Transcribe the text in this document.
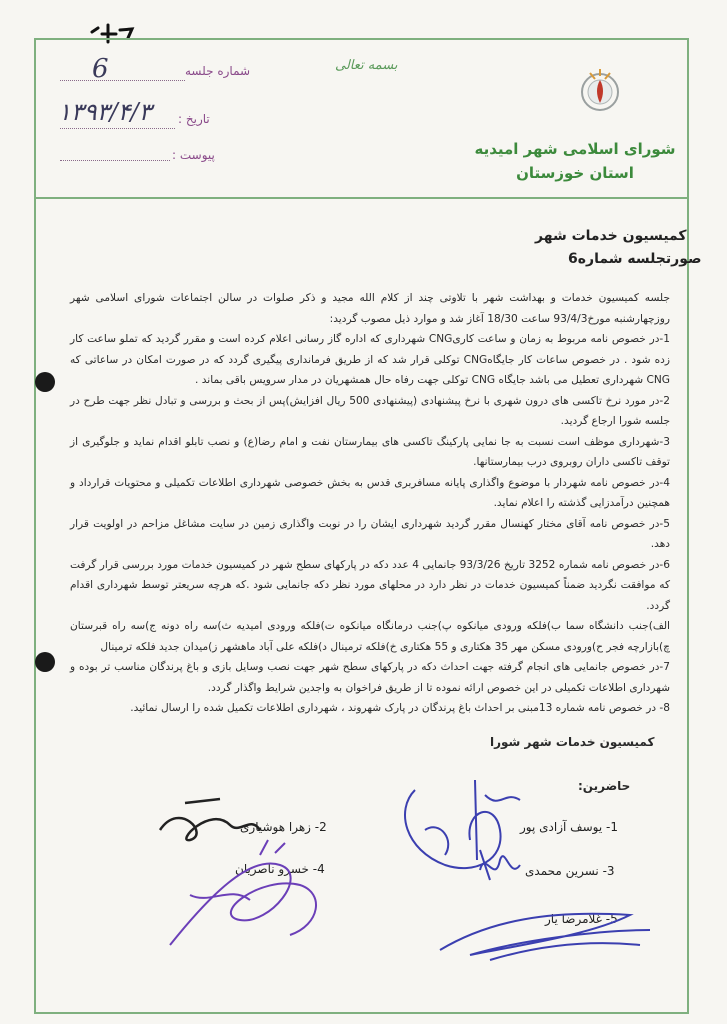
شماره جلسه
6
تاریخ :
۱۳۹۳/۴/۳
پیوست :
بسمه تعالی
شورای اسلامی شهر امیدیه
استان خوزستان
کمیسیون خدمات شهر
صورتجلسه شماره6

جلسه کمیسیون خدمات و بهداشت شهر با تلاوتی چند از کلام الله مجید و ذکر صلوات در سالن اجتماعات شورای اسلامی شهر روزچهارشنبه مورخ93/4/3 ساعت 18/30 آغاز شد و موارد ذیل مصوب گردید:

1-در خصوص نامه مربوط به زمان و ساعت کاریCNG شهرداری که اداره گاز رسانی اعلام کرده است و مقرر گردید که تملو ساعت کار زده شود . در خصوص ساعات کار جایگاهCNG توکلی قرار شد که از طریق فرمانداری پیگیری گردد که در صورت امکان در ساعاتی که CNG شهرداری تعطیل می باشد جایگاه CNG توکلی جهت رفاه حال همشهریان در مدار سرویس باقی بماند .

2-در مورد نرخ تاکسی های درون شهری با نرخ پیشنهادی (پیشنهادی 500 ریال افزایش)پس از بحث و بررسی و تبادل نظر جهت طرح در جلسه شورا ارجاع گردید.

3-شهرداری موظف است نسبت به جا نمایی پارکینگ تاکسی های بیمارستان نفت و امام رضا(ع) و نصب تابلو اقدام نماید و جلوگیری از توقف تاکسی داران روبروی درب بیمارستانها.

4-در خصوص نامه شهردار با موضوع واگذاری پایانه مسافربری قدس به بخش خصوصی شهرداری اطلاعات تکمیلی و محتویات قرارداد و همچنین درآمدزایی گذشته را اعلام نماید.

5-در خصوص نامه آقای مختار کهنسال مقرر گردید شهرداری ایشان را در نوبت واگذاری زمین در سایت مشاغل مزاحم در اولویت قرار دهد.

6-در خصوص نامه شماره 3252 تاریخ 93/3/26 جانمایی 4 عدد دکه در پارکهای سطح شهر در کمیسیون خدمات مورد بررسی قرار گرفت که موافقت نگردید ضمناً کمیسیون خدمات در نظر دارد در محلهای مورد نظر دکه جانمایی شود .که هرچه سریعتر توسط شهرداری اقدام گردد.

الف)جنب دانشگاه سما ب)فلکه ورودی میانکوه پ)جنب درمانگاه میانکوه ت)فلکه ورودی امیدیه ث)سه راه دونه ج)سه راه قبرستان چ)بازارچه فجر ح)ورودی مسکن مهر 35 هکتاری و 55 هکتاری خ)فلکه ترمینال د)فلکه علی آباد ماهشهر ز)میدان جدید فلکه ترمینال

7-در خصوص جانمایی های انجام گرفته جهت احداث دکه در پارکهای سطح شهر جهت نصب وسایل بازی و باغ پرندگان مناسب تر بوده و شهرداری اطلاعات تکمیلی در این خصوص ارائه نموده تا از طریق فراخوان به واجدین شرایط واگذار گردد.

8- در خصوص نامه شماره 13مبنی بر احداث باغ پرندگان در پارک شهروند ، شهرداری اطلاعات تکمیل شده را ارسال نمائید.

کمیسیون خدمات شهر شورا
حاضرین:
1- یوسف آزادی پور
2- زهرا هوشیاری
3- نسرین محمدی
4- خسرو ناصریان
5- غلامرضا یار
